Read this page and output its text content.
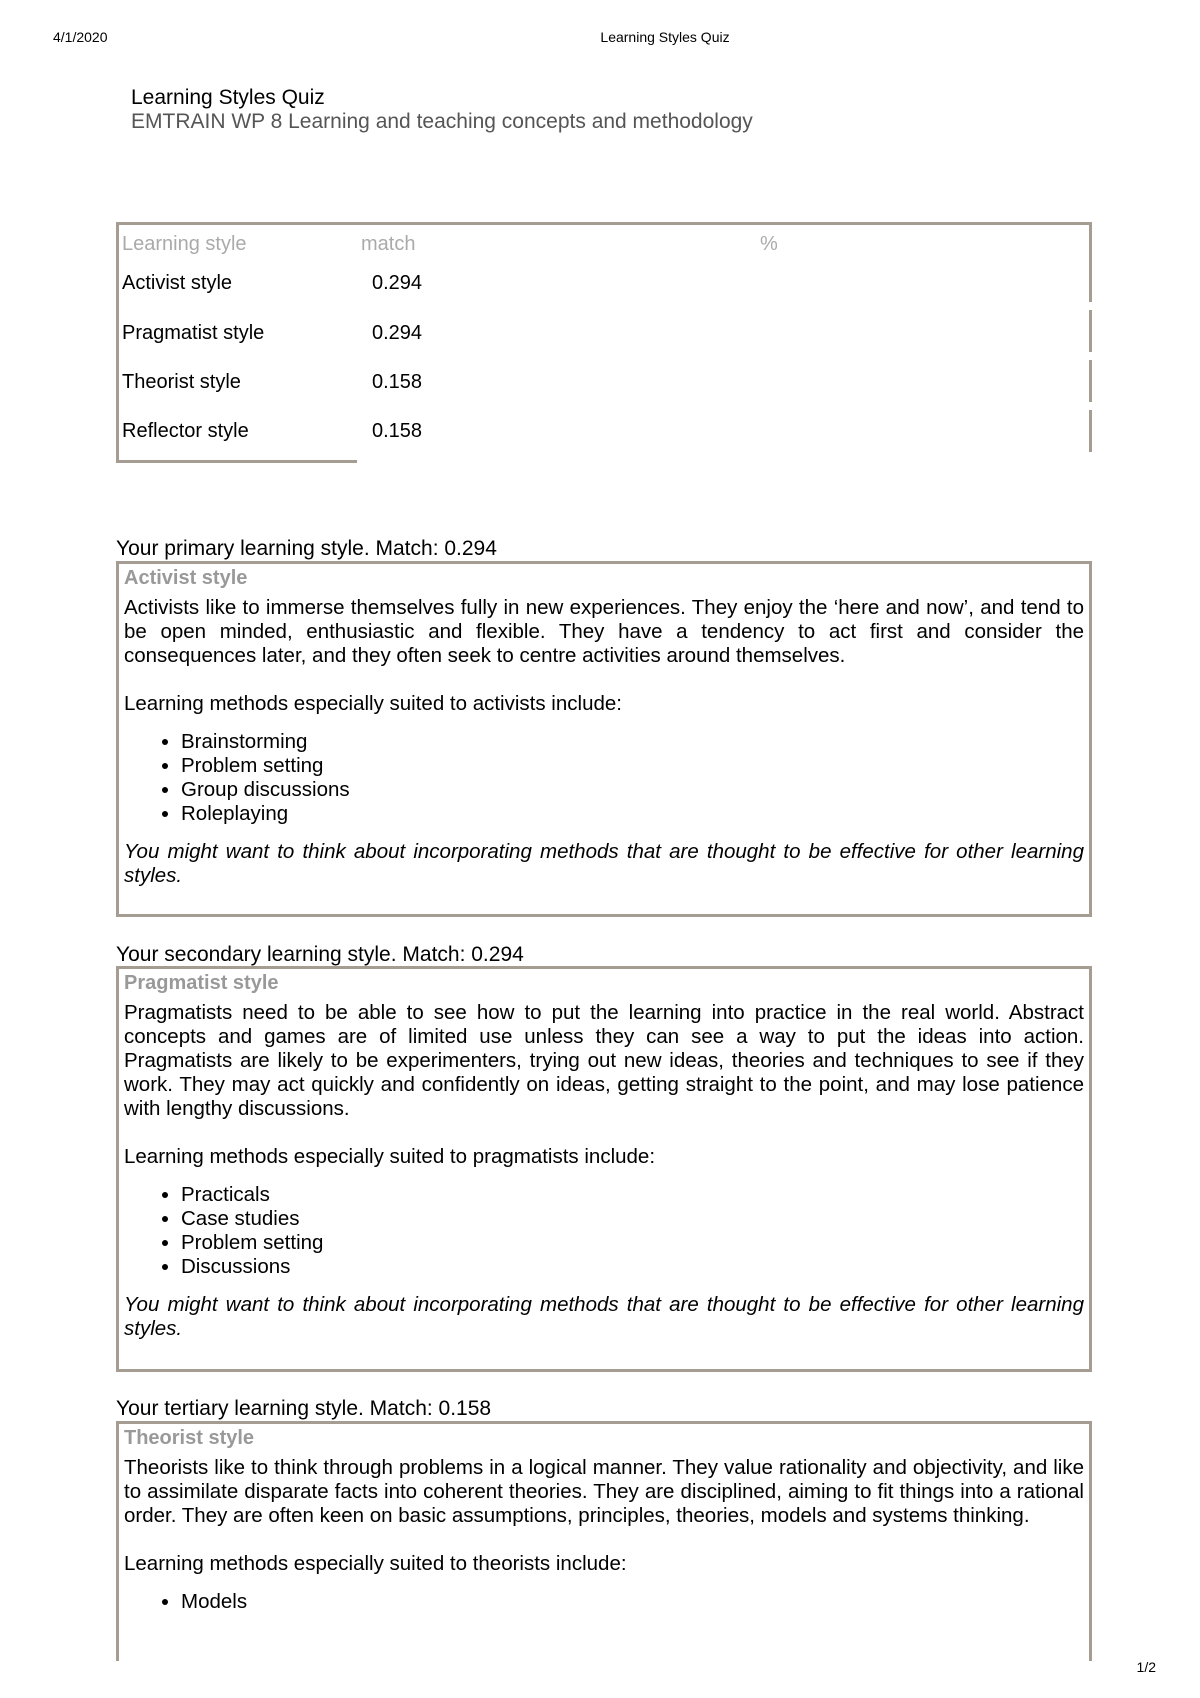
4/1/2020	Learning Styles Quiz
Learning Styles Quiz
EMTRAIN WP 8 Learning and teaching concepts and methodology
Learning style	match	%
Activist style	0.294
Pragmatist style	0.294
Theorist style	0.158
Reflector style	0.158
Your primary learning style. Match: 0.294
Activist style

Activists like to immerse themselves fully in new experiences. They enjoy the ‘here and now’, and tend to be open minded, enthusiastic and flexible. They have a tendency to act first and consider the consequences later, and they often seek to centre activities around themselves.

Learning methods especially suited to activists include:

• Brainstorming
• Problem setting
• Group discussions
• Roleplaying

You might want to think about incorporating methods that are thought to be effective for other learning styles.

Your secondary learning style. Match: 0.294
Pragmatist style

Pragmatists need to be able to see how to put the learning into practice in the real world. Abstract concepts and games are of limited use unless they can see a way to put the ideas into action. Pragmatists are likely to be experimenters, trying out new ideas, theories and techniques to see if they work. They may act quickly and confidently on ideas, getting straight to the point, and may lose patience with lengthy discussions.

Learning methods especially suited to pragmatists include:

• Practicals
• Case studies
• Problem setting
• Discussions

You might want to think about incorporating methods that are thought to be effective for other learning styles.

Your tertiary learning style. Match: 0.158
Theorist style

Theorists like to think through problems in a logical manner. They value rationality and objectivity, and like to assimilate disparate facts into coherent theories. They are disciplined, aiming to fit things into a rational order. They are often keen on basic assumptions, principles, theories, models and systems thinking.

Learning methods especially suited to theorists include:

• Models
1/2
